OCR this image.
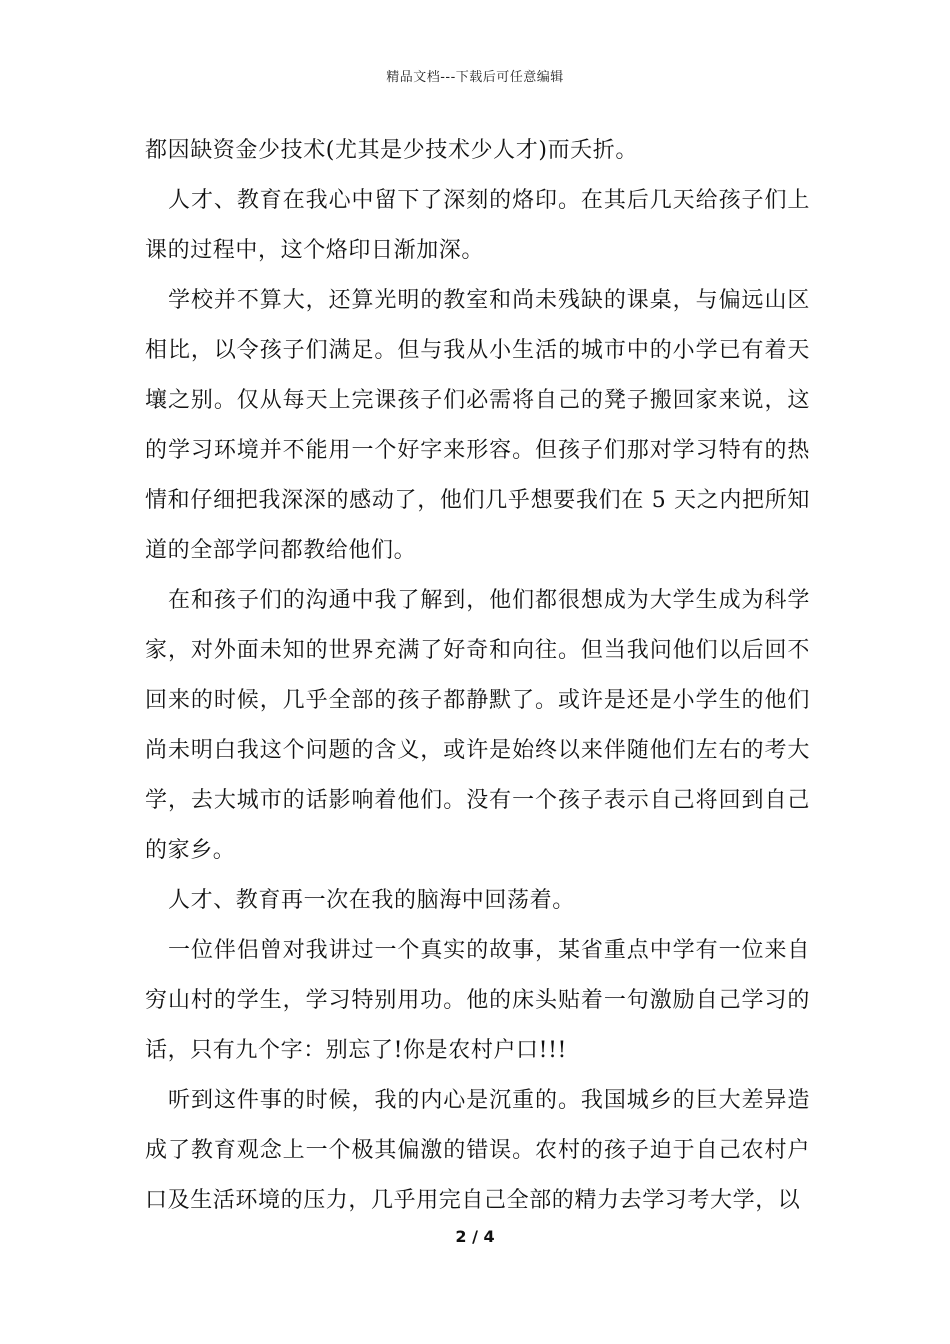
精品文档---下载后可任意编辑

都因缺资金少技术(尤其是少技术少人才)而夭折。

人才、教育在我心中留下了深刻的烙印。在其后几天给孩子们上课的过程中，这个烙印日渐加深。

学校并不算大，还算光明的教室和尚未残缺的课桌，与偏远山区相比，以令孩子们满足。但与我从小生活的城市中的小学已有着天壤之别。仅从每天上完课孩子们必需将自己的凳子搬回家来说，这的学习环境并不能用一个好字来形容。但孩子们那对学习特有的热情和仔细把我深深的感动了，他们几乎想要我们在 5 天之内把所知道的全部学问都教给他们。

在和孩子们的沟通中我了解到，他们都很想成为大学生成为科学家，对外面未知的世界充满了好奇和向往。但当我问他们以后回不回来的时候，几乎全部的孩子都静默了。或许是还是小学生的他们尚未明白我这个问题的含义，或许是始终以来伴随他们左右的考大学，去大城市的话影响着他们。没有一个孩子表示自己将回到自己的家乡。

人才、教育再一次在我的脑海中回荡着。

一位伴侣曾对我讲过一个真实的故事，某省重点中学有一位来自穷山村的学生，学习特别用功。他的床头贴着一句激励自己学习的话，只有九个字：别忘了!你是农村户口!!!

听到这件事的时候，我的内心是沉重的。我国城乡的巨大差异造成了教育观念上一个极其偏激的错误。农村的孩子迫于自己农村户口及生活环境的压力，几乎用完自己全部的精力去学习考大学，以

2 / 4
